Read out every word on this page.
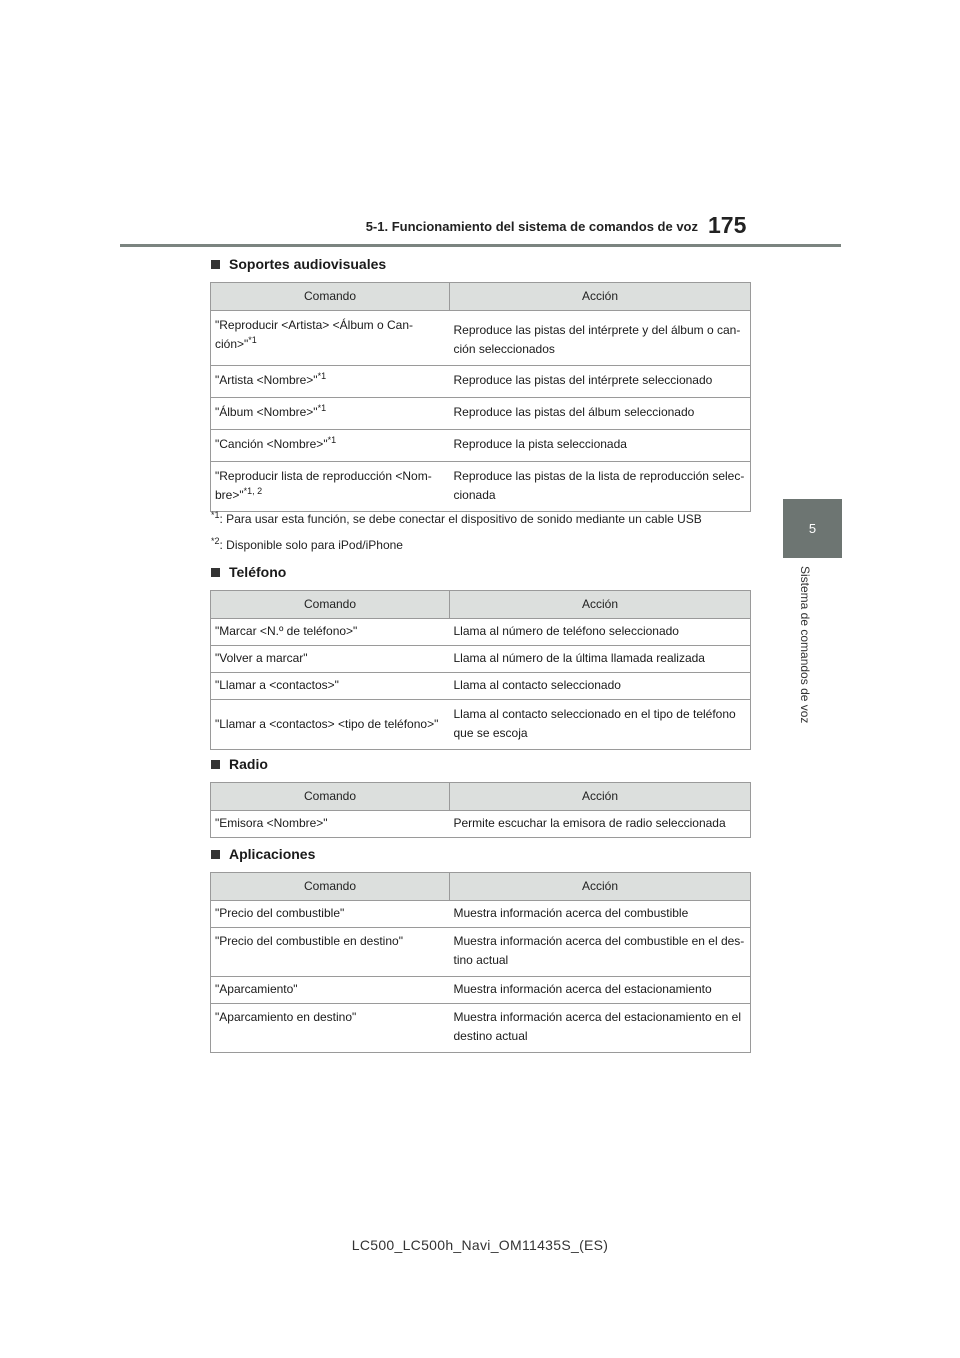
5-1. Funcionamiento del sistema de comandos de voz 175
5
Sistema de comandos de voz
Soportes audiovisuales
Comando	Acción
"Reproducir <Artista> <Álbum o Can-ción>"$^{*1}$	Reproduce las pistas del intérprete y del álbum o can-ción seleccionados
"Artista <Nombre>"$^{*1}$	Reproduce las pistas del intérprete seleccionado
"Álbum <Nombre>"$^{*1}$	Reproduce las pistas del álbum seleccionado
"Canción <Nombre>"$^{*1}$	Reproduce la pista seleccionada
"Reproducir lista de reproducción <Nom-bre>"$^{*1, 2}$	Reproduce las pistas de la lista de reproducción selec-cionada
$^{*1}$: Para usar esta función, se debe conectar el dispositivo de sonido mediante un cable USB
$^{*2}$: Disponible solo para iPod/iPhone
Teléfono
Comando	Acción
"Marcar <N.º de teléfono>"	Llama al número de teléfono seleccionado
"Volver a marcar"	Llama al número de la última llamada realizada
"Llamar a <contactos>"	Llama al contacto seleccionado
"Llamar a <contactos> <tipo de teléfono>"	Llama al contacto seleccionado en el tipo de teléfono que se escoja
Radio
Comando	Acción
"Emisora <Nombre>"	Permite escuchar la emisora de radio seleccionada
Aplicaciones
Comando	Acción
"Precio del combustible"	Muestra información acerca del combustible
"Precio del combustible en destino"	Muestra información acerca del combustible en el des-tino actual
"Aparcamiento"	Muestra información acerca del estacionamiento
"Aparcamiento en destino"	Muestra información acerca del estacionamiento en el destino actual
LC500_LC500h_Navi_OM11435S_(ES)
